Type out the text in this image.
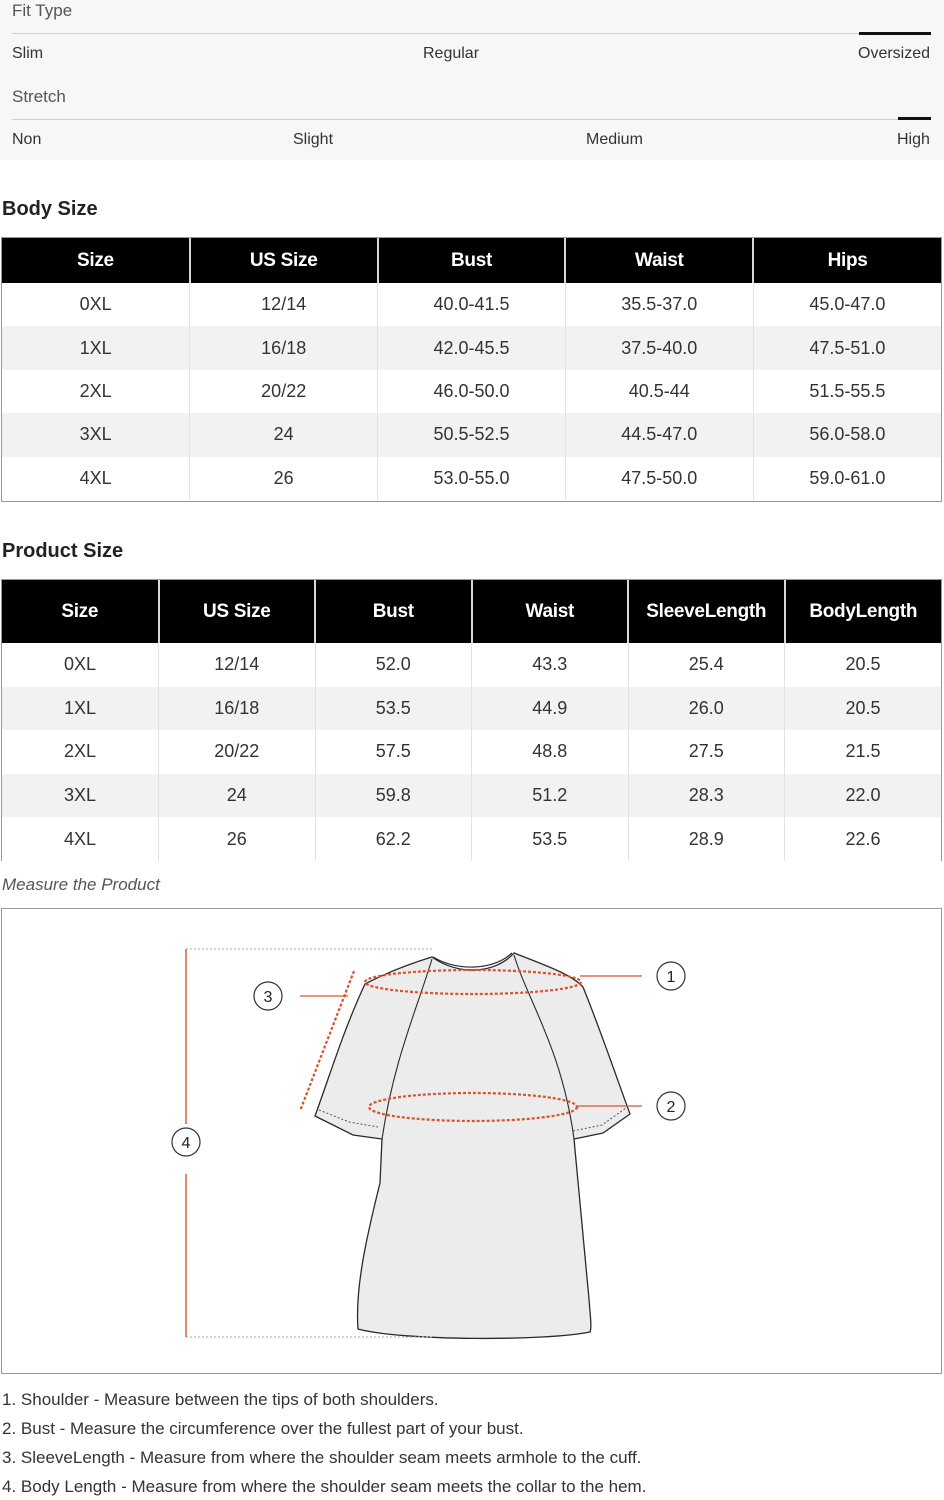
Fit Type
Slim	Regular	Oversized
Stretch
Non	Slight	Medium	High
Body Size
Size	US Size	Bust	Waist	Hips
0XL	12/14	40.0-41.5	35.5-37.0	45.0-47.0
1XL	16/18	42.0-45.5	37.5-40.0	47.5-51.0
2XL	20/22	46.0-50.0	40.5-44	51.5-55.5
3XL	24	50.5-52.5	44.5-47.0	56.0-58.0
4XL	26	53.0-55.0	47.5-50.0	59.0-61.0
Product Size
Size	US Size	Bust	Waist	SleeveLength	BodyLength
0XL	12/14	52.0	43.3	25.4	20.5
1XL	16/18	53.5	44.9	26.0	20.5
2XL	20/22	57.5	48.8	27.5	21.5
3XL	24	59.8	51.2	28.3	22.0
4XL	26	62.2	53.5	28.9	22.6
Measure the Product
1
2
3
4
1. Shoulder - Measure between the tips of both shoulders.
2. Bust - Measure the circumference over the fullest part of your bust.
3. SleeveLength - Measure from where the shoulder seam meets armhole to the cuff.
4. Body Length - Measure from where the shoulder seam meets the collar to the hem.
